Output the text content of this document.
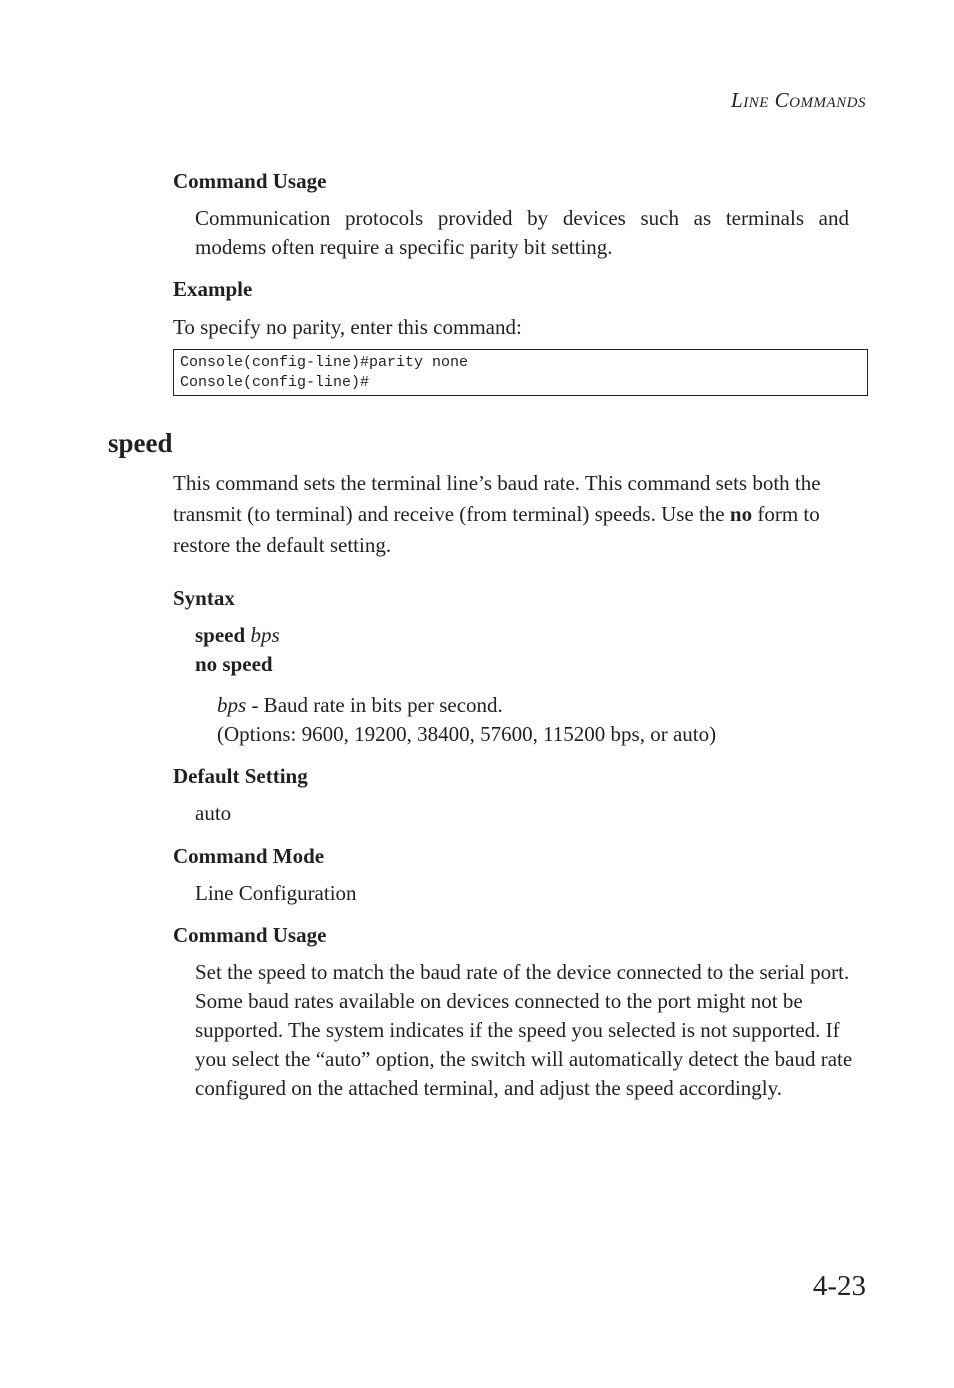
LINE COMMANDS
Command Usage
Communication protocols provided by devices such as terminals and modems often require a specific parity bit setting.
Example
To specify no parity, enter this command:
Console(config-line)#parity none
Console(config-line)#
speed
This command sets the terminal line’s baud rate. This command sets both the transmit (to terminal) and receive (from terminal) speeds. Use the no form to restore the default setting.
Syntax
speed bps
no speed
bps - Baud rate in bits per second.
(Options: 9600, 19200, 38400, 57600, 115200 bps, or auto)
Default Setting
auto
Command Mode
Line Configuration
Command Usage
Set the speed to match the baud rate of the device connected to the serial port. Some baud rates available on devices connected to the port might not be supported. The system indicates if the speed you selected is not supported. If you select the “auto” option, the switch will automatically detect the baud rate configured on the attached terminal, and adjust the speed accordingly.
4-23
